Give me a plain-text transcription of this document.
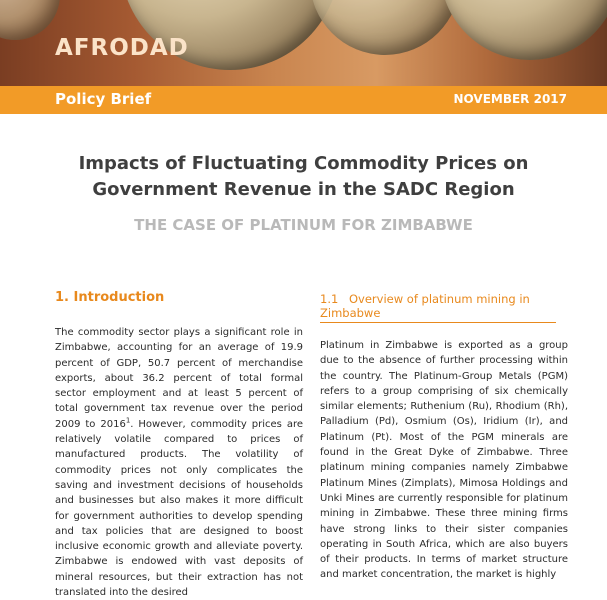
AFRODAD
Policy Brief	NOVEMBER 2017
Impacts of Fluctuating Commodity Prices on
Government Revenue in the SADC Region
THE CASE OF PLATINUM FOR ZIMBABWE
1. Introduction

The commodity sector plays a significant role in Zimbabwe, accounting for an average of 19.9 percent of GDP, 50.7 percent of merchandise exports, about 36.2 percent of total formal sector employment and at least 5 percent of total government tax revenue over the period 2009 to 2016$^1$. However, commodity prices are relatively volatile compared to prices of manufactured products. The volatility of commodity prices not only complicates the saving and investment decisions of households and businesses but also makes it more difficult for government authorities to develop spending and tax policies that are designed to boost inclusive economic growth and alleviate poverty. Zimbabwe is endowed with vast deposits of mineral resources, but their extraction has not translated into the desired

1.1 Overview of platinum mining in Zimbabwe

Platinum in Zimbabwe is exported as a group due to the absence of further processing within the country. The Platinum-Group Metals (PGM) refers to a group comprising of six chemically similar elements; Ruthenium (Ru), Rhodium (Rh), Palladium (Pd), Osmium (Os), Iridium (Ir), and Platinum (Pt). Most of the PGM minerals are found in the Great Dyke of Zimbabwe. Three platinum mining companies namely Zimbabwe Platinum Mines (Zimplats), Mimosa Holdings and Unki Mines are currently responsible for platinum mining in Zimbabwe. These three mining firms have strong links to their sister companies operating in South Africa, which are also buyers of their products. In terms of market structure and market concentration, the market is highly
